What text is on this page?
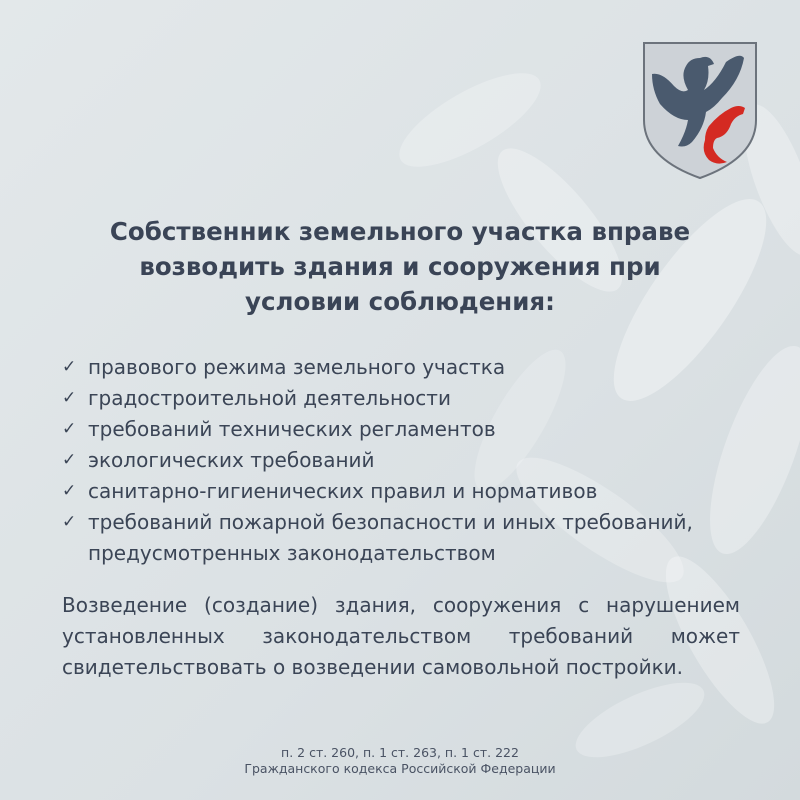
Собственник земельного участка вправе
возводить здания и сооружения при
условии соблюдения:
✓ правового режима земельного участка
✓ градостроительной деятельности
✓ требований технических регламентов
✓ экологических требований
✓ санитарно-гигиенических правил и нормативов
✓ требований пожарной безопасности и иных требований, предусмотренных законодательством
Возведение (создание) здания, сооружения с нарушением установленных законодательством требований может свидетельствовать о возведении самовольной постройки.
п. 2 ст. 260, п. 1 ст. 263, п. 1 ст. 222
Гражданского кодекса Российской Федерации
